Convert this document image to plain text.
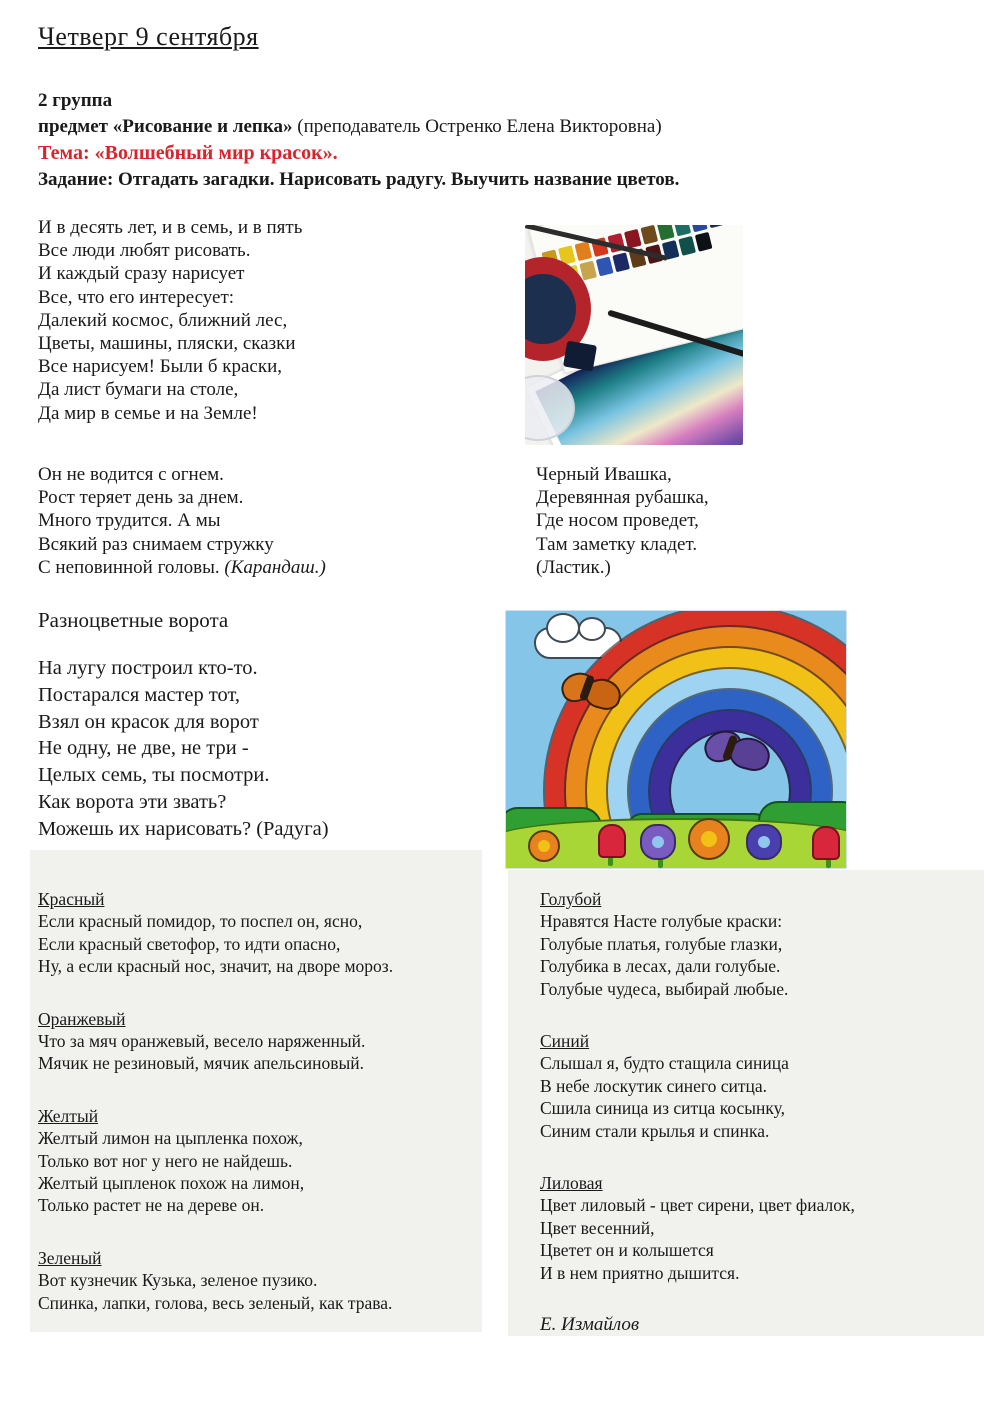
Четверг 9 сентября
2 группа
предмет «Рисование и лепка» (преподаватель Остренко Елена Викторовна)
Тема: «Волшебный мир красок».
Задание: Отгадать загадки. Нарисовать радугу. Выучить название цветов.
И в десять лет, и в семь, и в пять
Все люди любят рисовать.
И каждый сразу нарисует
Все, что его интересует:
Далекий космос, ближний лес,
Цветы, машины, пляски, сказки
Все нарисуем! Были б краски,
Да лист бумаги на столе,
Да мир в семье и на Земле!
Он не водится с огнем.
Рост теряет день за днем.
Много трудится. А мы
Всякий раз снимаем стружку
С неповинной головы. (Карандаш.)
Черный Ивашка,
Деревянная рубашка,
Где носом проведет,
Там заметку кладет.
(Ластик.)
Разноцветные ворота
На лугу построил кто-то.
Постарался мастер тот,
Взял он красок для ворот
Не одну, не две, не три -
Целых семь, ты посмотри.
Как ворота эти звать?
Можешь их нарисовать? (Радуга)
Красный
Если красный помидор, то поспел он, ясно,
Если красный светофор, то идти опасно,
Ну, а если красный нос, значит, на дворе мороз.
Оранжевый
Что за мяч оранжевый, весело наряженный.
Мячик не резиновый, мячик апельсиновый.
Желтый
Желтый лимон на цыпленка похож,
Только вот ног у него не найдешь.
Желтый цыпленок похож на лимон,
Только растет не на дереве он.
Зеленый
Вот кузнечик Кузька, зеленое пузико.
Спинка, лапки, голова, весь зеленый, как трава.
Голубой
Нравятся Насте голубые краски:
Голубые платья, голубые глазки,
Голубика в лесах, дали голубые.
Голубые чудеса, выбирай любые.
Синий
Слышал я, будто стащила синица
В небе лоскутик синего ситца.
Сшила синица из ситца косынку,
Синим стали крылья и спинка.
Лиловая
Цвет лиловый - цвет сирени, цвет фиалок,
Цвет весенний,
Цветет он и колышется
И в нем приятно дышится.
Е. Измайлов
